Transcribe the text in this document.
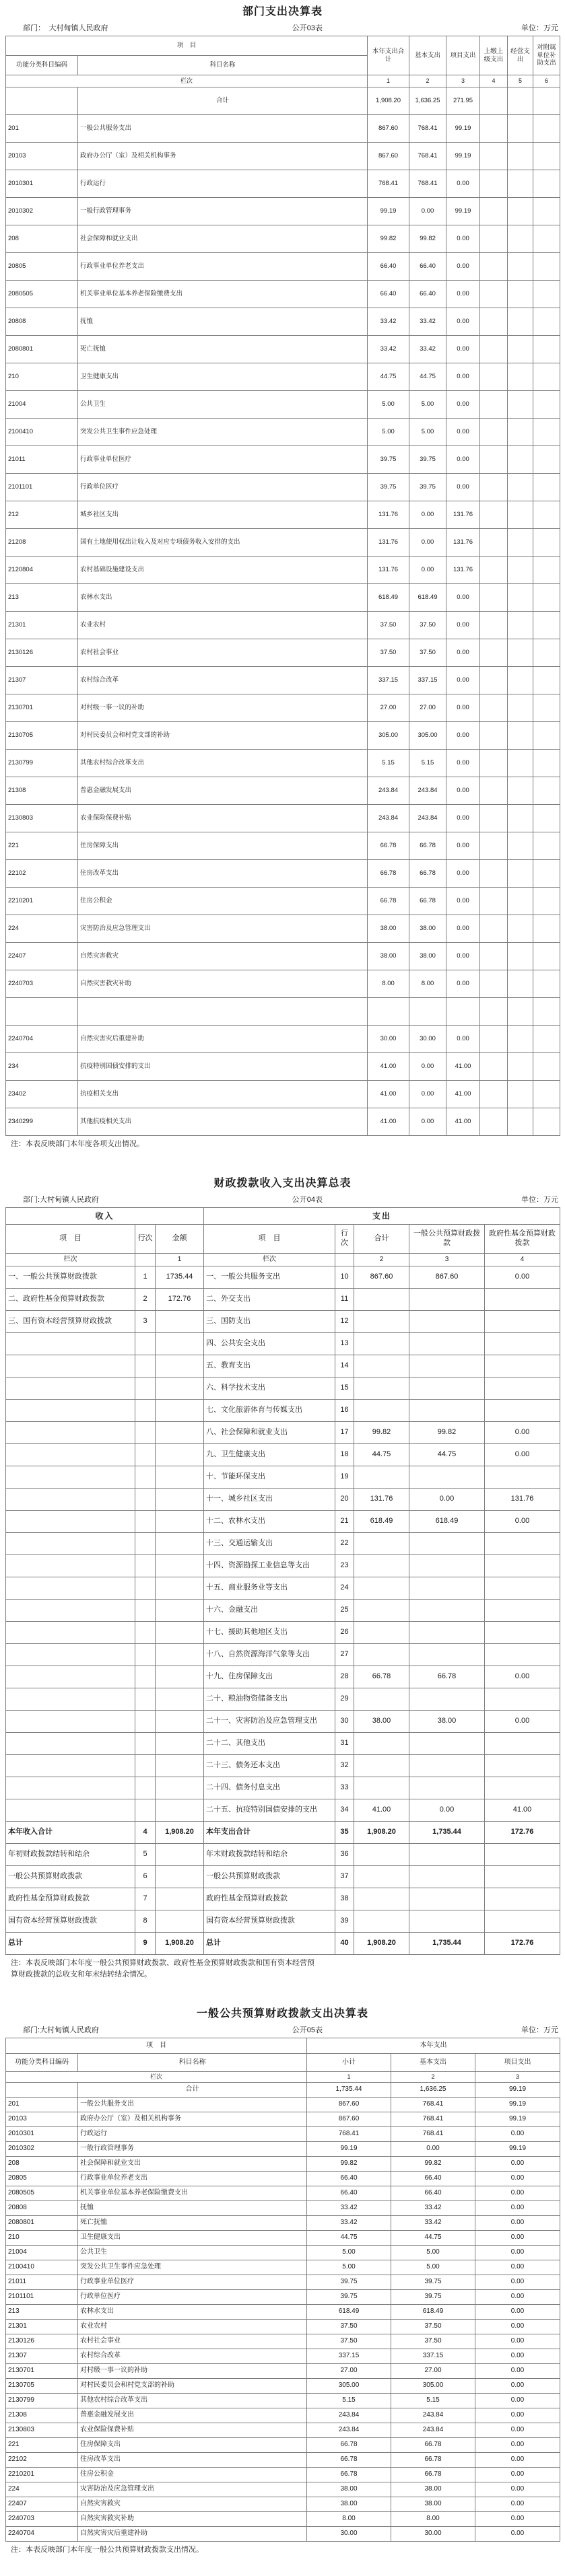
部门支出决算表
部门：　大村甸镇人民政府	公开03表	单位：万元
项　目		本年支出合计	基本支出	项目支出	上缴上级支出	经营支出	对附属单位补助支出
功能分类科目编码	科目名称						
栏次		1	2	3	4	5	6
	合计	1,908.20	1,636.25	271.95			
201	一般公共服务支出	867.60	768.41	99.19			
20103	政府办公厅（室）及相关机构事务	867.60	768.41	99.19			
2010301	行政运行	768.41	768.41	0.00			
2010302	一般行政管理事务	99.19	0.00	99.19			
208	社会保障和就业支出	99.82	99.82	0.00			
20805	行政事业单位养老支出	66.40	66.40	0.00			
2080505	机关事业单位基本养老保险缴费支出	66.40	66.40	0.00			
20808	抚恤	33.42	33.42	0.00			
2080801	死亡抚恤	33.42	33.42	0.00			
210	卫生健康支出	44.75	44.75	0.00			
21004	公共卫生	5.00	5.00	0.00			
2100410	突发公共卫生事件应急处理	5.00	5.00	0.00			
21011	行政事业单位医疗	39.75	39.75	0.00			
2101101	行政单位医疗	39.75	39.75	0.00			
212	城乡社区支出	131.76	0.00	131.76			
21208	国有土地使用权出让收入及对应专项债务收入安排的支出	131.76	0.00	131.76			
2120804	农村基础设施建设支出	131.76	0.00	131.76			
213	农林水支出	618.49	618.49	0.00			
21301	农业农村	37.50	37.50	0.00			
2130126	农村社会事业	37.50	37.50	0.00			
21307	农村综合改革	337.15	337.15	0.00			
2130701	对村级一事一议的补助	27.00	27.00	0.00			
2130705	对村民委员会和村党支部的补助	305.00	305.00	0.00			
2130799	其他农村综合改革支出	5.15	5.15	0.00			
21308	普惠金融发展支出	243.84	243.84	0.00			
2130803	农业保险保费补贴	243.84	243.84	0.00			
221	住房保障支出	66.78	66.78	0.00			
22102	住房改革支出	66.78	66.78	0.00			
2210201	住房公积金	66.78	66.78	0.00			
224	灾害防治及应急管理支出	38.00	38.00	0.00			
22407	自然灾害救灾	38.00	38.00	0.00			
2240703	自然灾害救灾补助	8.00	8.00	0.00			

2240704	自然灾害灾后重建补助	30.00	30.00	0.00			
234	抗疫特别国债安排的支出	41.00	0.00	41.00			
23402	抗疫相关支出	41.00	0.00	41.00			
2340299	其他抗疫相关支出	41.00	0.00	41.00			
注：本表反映部门本年度各项支出情况。
财政拨款收入支出决算总表
部门:大村甸镇人民政府	公开04表	单位：万元
收入			支出				
项　目	行次	金额	项　目	行次	合计	一般公共预算财政拨款	政府性基金预算财政拨款
栏次		1	栏次		2	3	4
一、一般公共预算财政拨款	1	1735.44	一、一般公共服务支出	10	867.60	867.60	0.00
二、政府性基金预算财政拨款	2	172.76	二、外交支出	11			
三、国有资本经营预算财政拨款	3		三、国防支出	12			
			四、公共安全支出	13			
			五、教育支出	14			
			六、科学技术支出	15			
			七、文化旅游体育与传媒支出	16			
			八、社会保障和就业支出	17	99.82	99.82	0.00
			九、卫生健康支出	18	44.75	44.75	0.00
			十、节能环保支出	19			
			十一、城乡社区支出	20	131.76	0.00	131.76
			十二、农林水支出	21	618.49	618.49	0.00
			十三、交通运输支出	22			
			十四、资源勘探工业信息等支出	23			
			十五、商业服务业等支出	24			
			十六、金融支出	25			
			十七、援助其他地区支出	26			
			十八、自然资源海洋气象等支出	27			
			十九、住房保障支出	28	66.78	66.78	0.00
			二十、粮油物资储备支出	29			
			二十一、灾害防治及应急管理支出	30	38.00	38.00	0.00
			二十二、其他支出	31			
			二十三、债务还本支出	32			
			二十四、债务付息支出	33			
			二十五、抗疫特别国债安排的支出	34	41.00	0.00	41.00
本年收入合计	4	1,908.20	本年支出合计	35	1,908.20	1,735.44	172.76
年初财政拨款结转和结余	5		年末财政拨款结转和结余	36			
一般公共预算财政拨款	6		一般公共预算财政拨款	37			
政府性基金预算财政拨款	7		政府性基金预算财政拨款	38			
国有资本经营预算财政拨款	8		国有资本经营预算财政拨款	39			
总计	9	1,908.20	总计	40	1,908.20	1,735.44	172.76
注：本表反映部门本年度一般公共预算财政拨款、政府性基金预算财政拨款和国有资本经营预
算财政拨款的总收支和年末结转结余情况。
一般公共预算财政拨款支出决算表
部门:大村甸镇人民政府	公开05表	单位：万元
项　目		本年支出		
功能分类科目编码	科目名称	小计	基本支出	项目支出
栏次		1	2	3
	合计	1,735.44	1,636.25	99.19
201	一般公共服务支出	867.60	768.41	99.19
20103	政府办公厅（室）及相关机构事务	867.60	768.41	99.19
2010301	行政运行	768.41	768.41	0.00
2010302	一般行政管理事务	99.19	0.00	99.19
208	社会保障和就业支出	99.82	99.82	0.00
20805	行政事业单位养老支出	66.40	66.40	0.00
2080505	机关事业单位基本养老保险缴费支出	66.40	66.40	0.00
20808	抚恤	33.42	33.42	0.00
2080801	死亡抚恤	33.42	33.42	0.00
210	卫生健康支出	44.75	44.75	0.00
21004	公共卫生	5.00	5.00	0.00
2100410	突发公共卫生事件应急处理	5.00	5.00	0.00
21011	行政事业单位医疗	39.75	39.75	0.00
2101101	行政单位医疗	39.75	39.75	0.00
213	农林水支出	618.49	618.49	0.00
21301	农业农村	37.50	37.50	0.00
2130126	农村社会事业	37.50	37.50	0.00
21307	农村综合改革	337.15	337.15	0.00
2130701	对村级一事一议的补助	27.00	27.00	0.00
2130705	对村民委员会和村党支部的补助	305.00	305.00	0.00
2130799	其他农村综合改革支出	5.15	5.15	0.00
21308	普惠金融发展支出	243.84	243.84	0.00
2130803	农业保险保费补贴	243.84	243.84	0.00
221	住房保障支出	66.78	66.78	0.00
22102	住房改革支出	66.78	66.78	0.00
2210201	住房公积金	66.78	66.78	0.00
224	灾害防治及应急管理支出	38.00	38.00	0.00
22407	自然灾害救灾	38.00	38.00	0.00
2240703	自然灾害救灾补助	8.00	8.00	0.00
2240704	自然灾害灾后重建补助	30.00	30.00	0.00
注：本表反映部门本年度一般公共预算财政拨款支出情况。
